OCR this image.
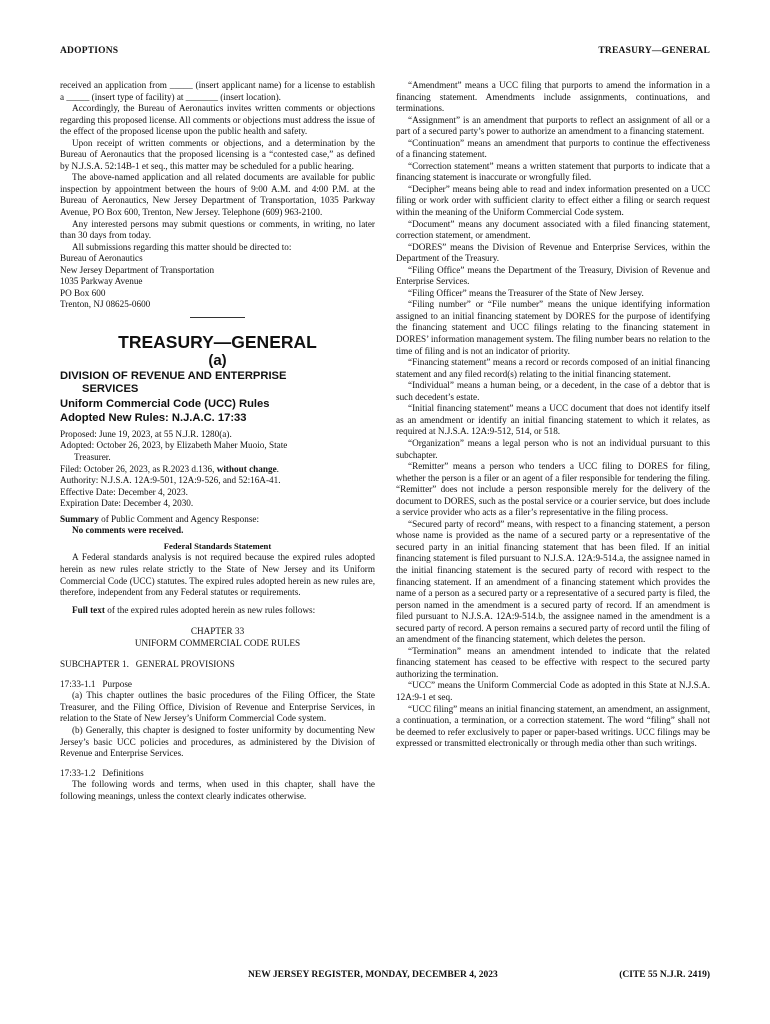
ADOPTIONS	TREASURY—GENERAL

received an application from _____ (insert applicant name) for a license to establish a _____ (insert type of facility) at _______ (insert location).

Accordingly, the Bureau of Aeronautics invites written comments or objections regarding this proposed license. All comments or objections must address the issue of the effect of the proposed license upon the public health and safety.

Upon receipt of written comments or objections, and a determination by the Bureau of Aeronautics that the proposed licensing is a “contested case,” as defined by N.J.S.A. 52:14B-1 et seq., this matter may be scheduled for a public hearing.

The above-named application and all related documents are available for public inspection by appointment between the hours of 9:00 A.M. and 4:00 P.M. at the Bureau of Aeronautics, New Jersey Department of Transportation, 1035 Parkway Avenue, PO Box 600, Trenton, New Jersey. Telephone (609) 963-2100.

Any interested persons may submit questions or comments, in writing, no later than 30 days from today.

All submissions regarding this matter should be directed to:

Bureau of Aeronautics

New Jersey Department of Transportation

1035 Parkway Avenue

PO Box 600

Trenton, NJ 08625-0600

TREASURY—GENERAL

(a)

DIVISION OF REVENUE AND ENTERPRISE
SERVICES

Uniform Commercial Code (UCC) Rules

Adopted New Rules: N.J.A.C. 17:33

Proposed: June 19, 2023, at 55 N.J.R. 1280(a).

Adopted: October 26, 2023, by Elizabeth Maher Muoio, State
Treasurer.

Filed: October 26, 2023, as R.2023 d.136, without change.

Authority: N.J.S.A. 12A:9-501, 12A:9-526, and 52:16A-41.

Effective Date: December 4, 2023.

Expiration Date: December 4, 2030.

Summary of Public Comment and Agency Response:

No comments were received.

Federal Standards Statement

A Federal standards analysis is not required because the expired rules adopted herein as new rules relate strictly to the State of New Jersey and its Uniform Commercial Code (UCC) statutes. The expired rules adopted herein as new rules are, therefore, independent from any Federal statutes or requirements.

Full text of the expired rules adopted herein as new rules follows:

CHAPTER 33

UNIFORM COMMERCIAL CODE RULES

SUBCHAPTER 1.   GENERAL PROVISIONS

17:33-1.1   Purpose

(a) This chapter outlines the basic procedures of the Filing Officer, the State Treasurer, and the Filing Office, Division of Revenue and Enterprise Services, in relation to the State of New Jersey’s Uniform Commercial Code system.

(b) Generally, this chapter is designed to foster uniformity by documenting New Jersey’s basic UCC policies and procedures, as administered by the Division of Revenue and Enterprise Services.

17:33-1.2   Definitions

The following words and terms, when used in this chapter, shall have the following meanings, unless the context clearly indicates otherwise.

“Amendment” means a UCC filing that purports to amend the information in a financing statement. Amendments include assignments, continuations, and terminations.

“Assignment” is an amendment that purports to reflect an assignment of all or a part of a secured party’s power to authorize an amendment to a financing statement.

“Continuation” means an amendment that purports to continue the effectiveness of a financing statement.

“Correction statement” means a written statement that purports to indicate that a financing statement is inaccurate or wrongfully filed.

“Decipher” means being able to read and index information presented on a UCC filing or work order with sufficient clarity to effect either a filing or search request within the meaning of the Uniform Commercial Code system.

“Document” means any document associated with a filed financing statement, correction statement, or amendment.

“DORES” means the Division of Revenue and Enterprise Services, within the Department of the Treasury.

“Filing Office” means the Department of the Treasury, Division of Revenue and Enterprise Services.

“Filing Officer” means the Treasurer of the State of New Jersey.

“Filing number” or “File number” means the unique identifying information assigned to an initial financing statement by DORES for the purpose of identifying the financing statement and UCC filings relating to the financing statement in DORES’ information management system. The filing number bears no relation to the time of filing and is not an indicator of priority.

“Financing statement” means a record or records composed of an initial financing statement and any filed record(s) relating to the initial financing statement.

“Individual” means a human being, or a decedent, in the case of a debtor that is such decedent’s estate.

“Initial financing statement” means a UCC document that does not identify itself as an amendment or identify an initial financing statement to which it relates, as required at N.J.S.A. 12A:9-512, 514, or 518.

“Organization” means a legal person who is not an individual pursuant to this subchapter.

“Remitter” means a person who tenders a UCC filing to DORES for filing, whether the person is a filer or an agent of a filer responsible for tendering the filing. “Remitter” does not include a person responsible merely for the delivery of the document to DORES, such as the postal service or a courier service, but does include a service provider who acts as a filer’s representative in the filing process.

“Secured party of record” means, with respect to a financing statement, a person whose name is provided as the name of a secured party or a representative of the secured party in an initial financing statement that has been filed. If an initial financing statement is filed pursuant to N.J.S.A. 12A:9-514.a, the assignee named in the initial financing statement is the secured party of record with respect to the financing statement. If an amendment of a financing statement which provides the name of a person as a secured party or a representative of a secured party is filed, the person named in the amendment is a secured party of record. If an amendment is filed pursuant to N.J.S.A. 12A:9-514.b, the assignee named in the amendment is a secured party of record. A person remains a secured party of record until the filing of an amendment of the financing statement, which deletes the person.

“Termination” means an amendment intended to indicate that the related financing statement has ceased to be effective with respect to the secured party authorizing the termination.

“UCC” means the Uniform Commercial Code as adopted in this State at N.J.S.A. 12A:9-1 et seq.

“UCC filing” means an initial financing statement, an amendment, an assignment, a continuation, a termination, or a correction statement. The word “filing” shall not be deemed to refer exclusively to paper or paper-based writings. UCC filings may be expressed or transmitted electronically or through media other than such writings.

NEW JERSEY REGISTER, MONDAY, DECEMBER 4, 2023	(CITE 55 N.J.R. 2419)
